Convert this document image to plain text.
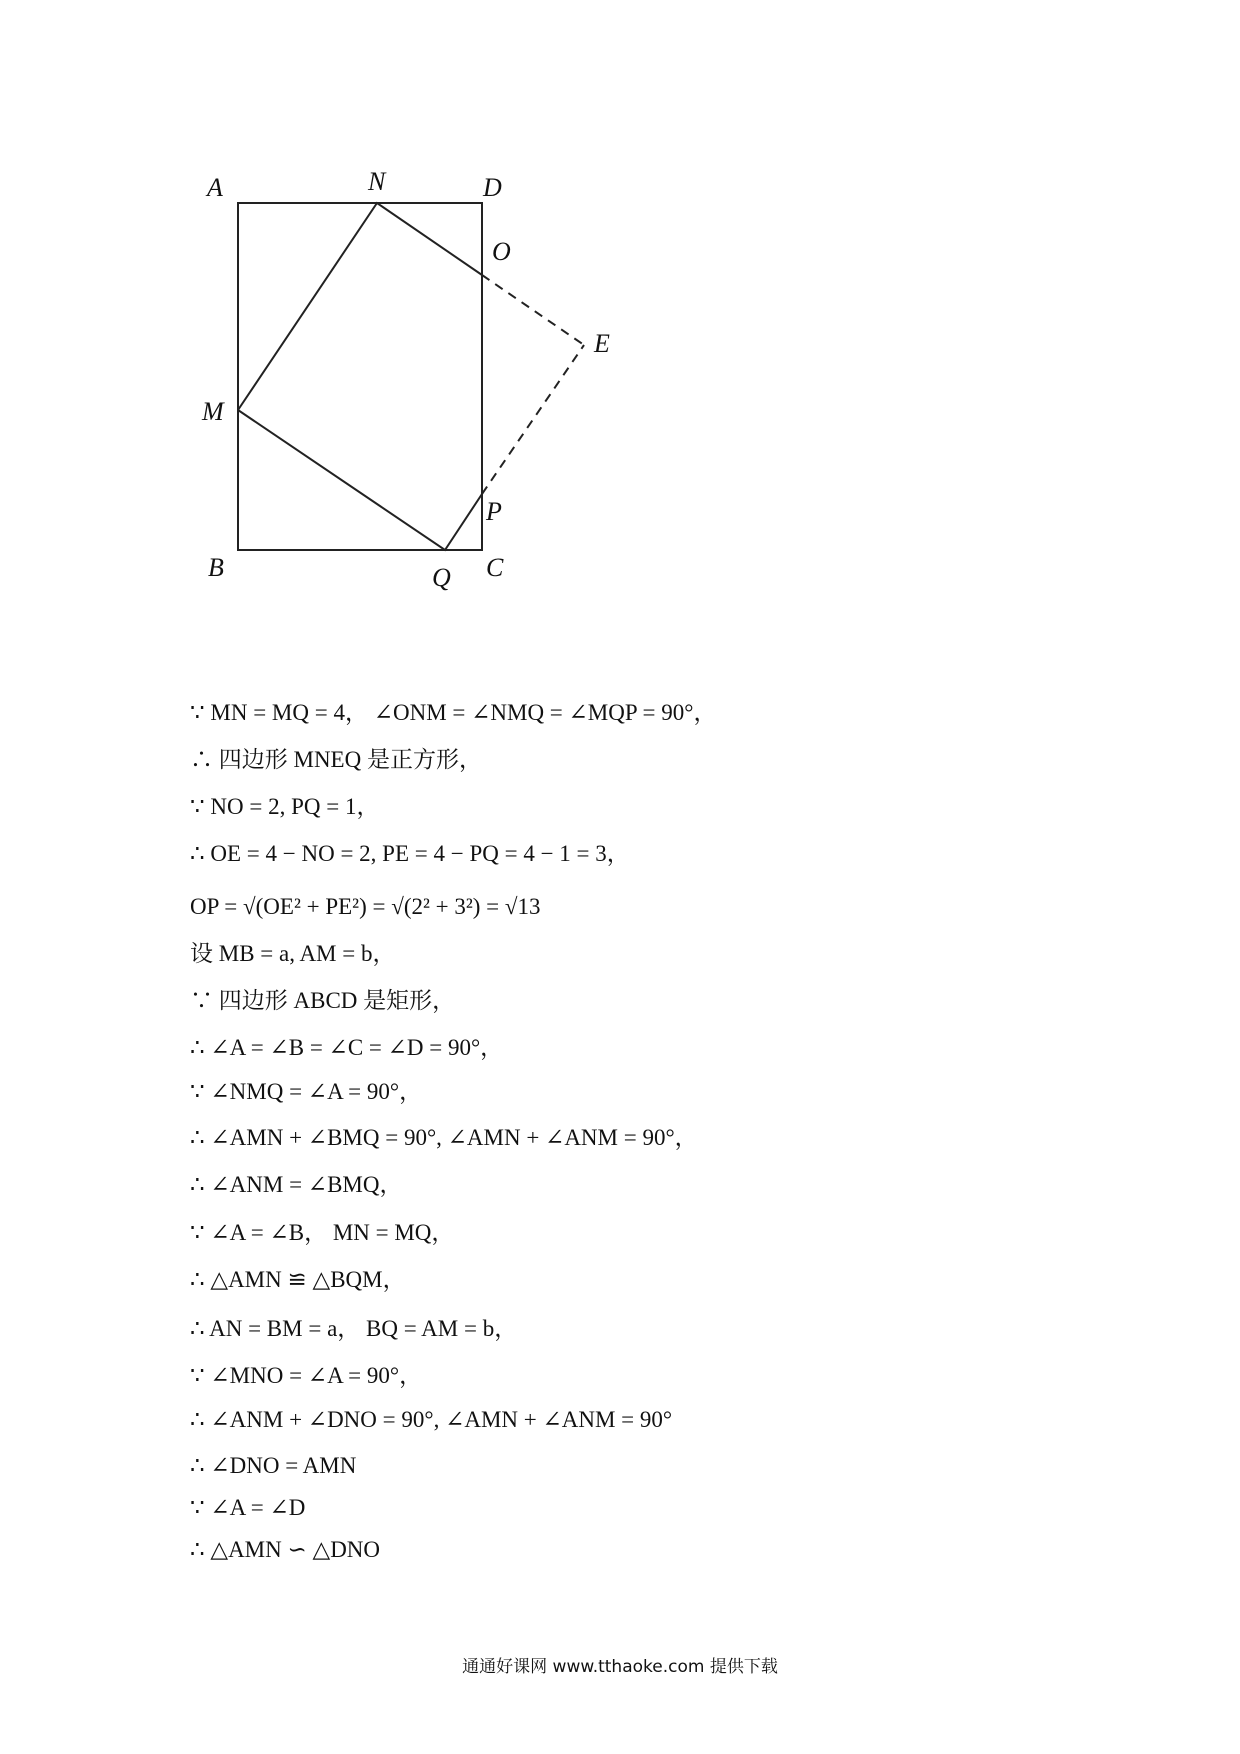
A	N	D
O
E
M
P
B	Q C
∵ MN = MQ = 4， ∠ONM = ∠NMQ = ∠MQP = 90°，
∴ 四边形 MNEQ 是正方形，
∵ NO = 2, PQ = 1，
∴ OE = 4 − NO = 2, PE = 4 − PQ = 4 − 1 = 3，
OP = √(OE² + PE²) = √(2² + 3²) = √13
设 MB = a, AM = b，
∵ 四边形 ABCD 是矩形，
∴ ∠A = ∠B = ∠C = ∠D = 90°，
∵ ∠NMQ = ∠A = 90°，
∴ ∠AMN + ∠BMQ = 90°, ∠AMN + ∠ANM = 90°，
∴ ∠ANM = ∠BMQ，
∵ ∠A = ∠B， MN = MQ，
∴ △AMN ≌ △BQM，
∴ AN = BM = a， BQ = AM = b，
∵ ∠MNO = ∠A = 90°，
∴ ∠ANM + ∠DNO = 90°, ∠AMN + ∠ANM = 90°
∴ ∠DNO = AMN
∵ ∠A = ∠D
∴ △AMN ∽ △DNO
通通好课网 www.tthaoke.com 提供下载
